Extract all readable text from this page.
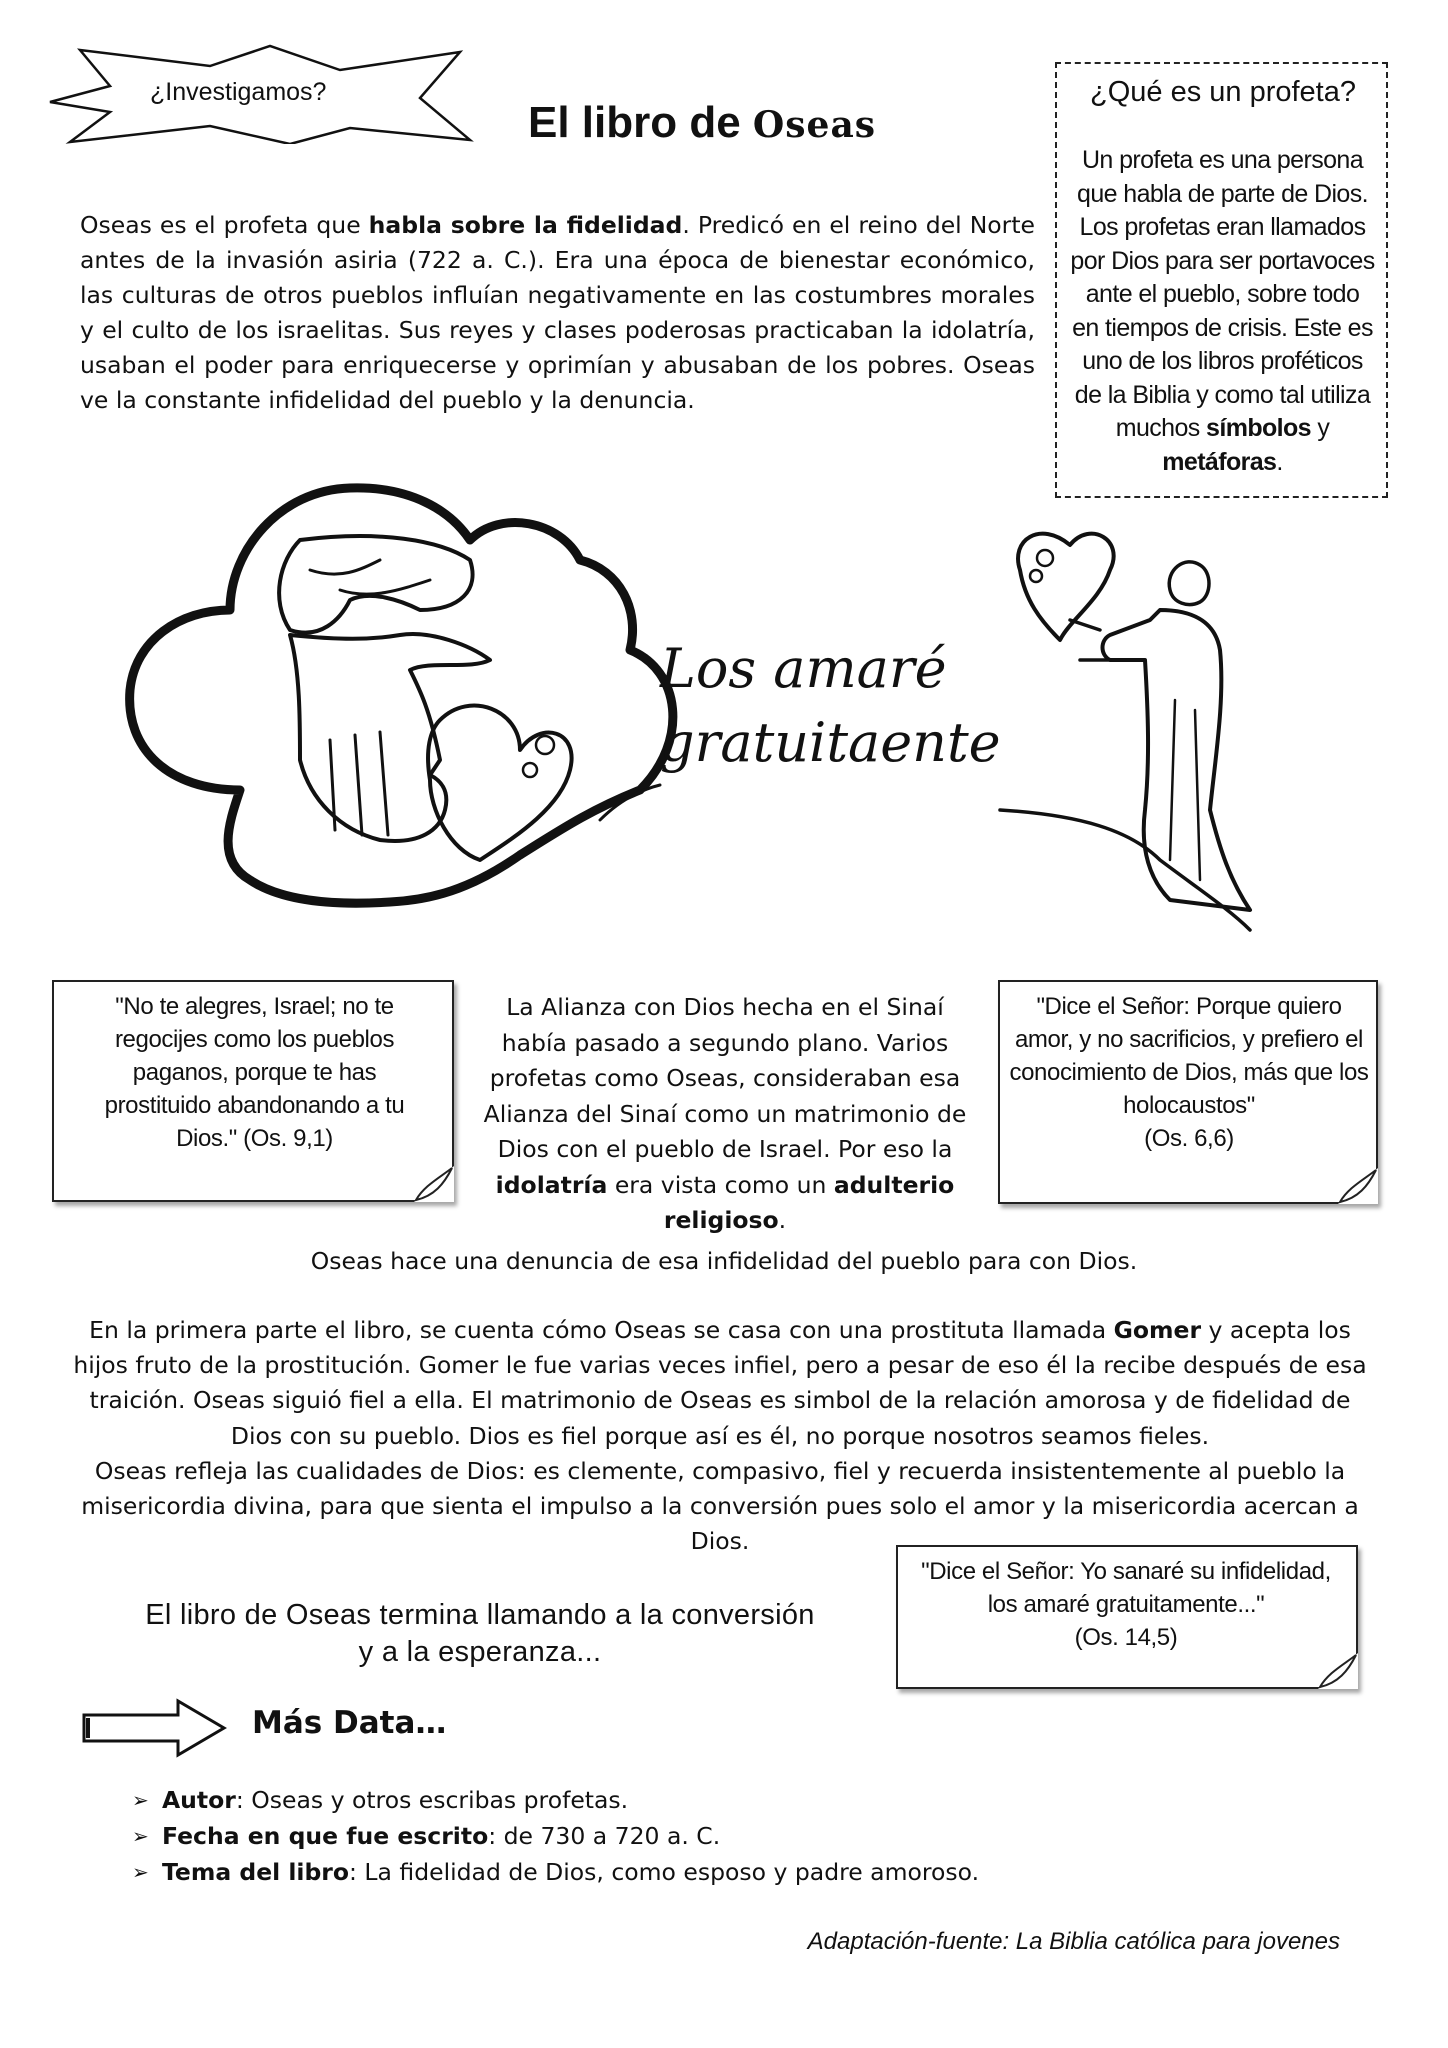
¿Investigamos?
El libro de Oseas
Oseas es el profeta que habla sobre la fidelidad. Predicó en el reino del Norte antes de la invasión asiria (722 a. C.). Era una época de bienestar económico, las culturas de otros pueblos influían negativamente en las costumbres morales y el culto de los israelitas. Sus reyes y clases poderosas practicaban la idolatría, usaban el poder para enriquecerse y oprimían y abusaban de los pobres. Oseas ve la constante infidelidad del pueblo y la denuncia.
¿Qué es un profeta?
Un profeta es una persona que habla de parte de Dios. Los profetas eran llamados por Dios para ser portavoces ante el pueblo, sobre todo en tiempos de crisis. Este es uno de los libros proféticos de la Biblia y como tal utiliza muchos símbolos y metáforas.
Los amaré
gratuitaente
"No te alegres, Israel; no te regocijes como los pueblos paganos, porque te has prostituido abandonando a tu Dios." (Os. 9,1)
La Alianza con Dios hecha en el Sinaí había pasado a segundo plano. Varios profetas como Oseas, consideraban esa Alianza del Sinaí como un matrimonio de Dios con el pueblo de Israel. Por eso la idolatría era vista como un adulterio religioso.
"Dice el Señor: Porque quiero amor, y no sacrificios, y prefiero el conocimiento de Dios, más que los holocaustos"
(Os. 6,6)
Oseas hace una denuncia de esa infidelidad del pueblo para con Dios.
En la primera parte el libro, se cuenta cómo Oseas se casa con una prostituta llamada Gomer y acepta los hijos fruto de la prostitución. Gomer le fue varias veces infiel, pero a pesar de eso él la recibe después de esa traición. Oseas siguió fiel a ella. El matrimonio de Oseas es simbol de la relación amorosa y de fidelidad de Dios con su pueblo. Dios es fiel porque así es él, no porque nosotros seamos fieles.
Oseas refleja las cualidades de Dios: es clemente, compasivo, fiel y recuerda insistentemente al pueblo la misericordia divina, para que sienta el impulso a la conversión pues solo el amor y la misericordia acercan a Dios.
"Dice el Señor: Yo sanaré su infidelidad, los amaré gratuitamente..."
(Os. 14,5)
El libro de Oseas termina llamando a la conversión
y a la esperanza...
Más Data…
➢ Autor: Oseas y otros escribas profetas.
➢ Fecha en que fue escrito: de 730 a 720 a. C.
➢ Tema del libro: La fidelidad de Dios, como esposo y padre amoroso.
Adaptación-fuente: La Biblia católica para jovenes
